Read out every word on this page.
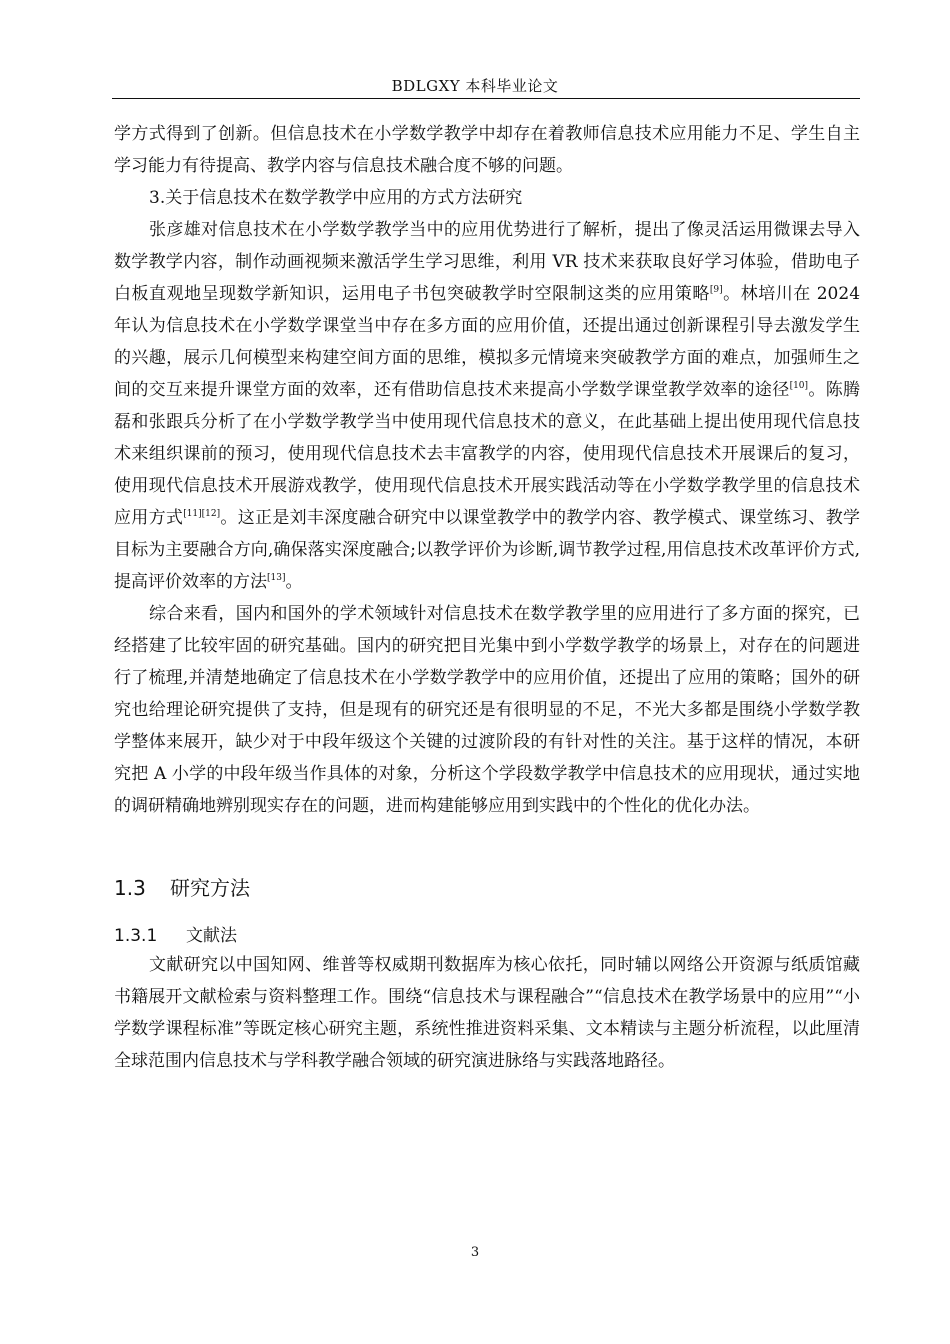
BDLGXY 本科毕业论文

学方式得到了创新。但信息技术在小学数学教学中却存在着教师信息技术应用能力不足、学生自主学习能力有待提高、教学内容与信息技术融合度不够的问题。

3.关于信息技术在数学教学中应用的方式方法研究

张彦雄对信息技术在小学数学教学当中的应用优势进行了解析，提出了像灵活运用微课去导入数学教学内容，制作动画视频来激活学生学习思维，利用 VR 技术来获取良好学习体验，借助电子白板直观地呈现数学新知识，运用电子书包突破教学时空限制这类的应用策略[9]。林培川在 2024 年认为信息技术在小学数学课堂当中存在多方面的应用价值，还提出通过创新课程引导去激发学生的兴趣，展示几何模型来构建空间方面的思维，模拟多元情境来突破教学方面的难点，加强师生之间的交互来提升课堂方面的效率，还有借助信息技术来提高小学数学课堂教学效率的途径[10]。陈腾磊和张跟兵分析了在小学数学教学当中使用现代信息技术的意义，在此基础上提出使用现代信息技术来组织课前的预习，使用现代信息技术去丰富教学的内容，使用现代信息技术开展课后的复习，使用现代信息技术开展游戏教学，使用现代信息技术开展实践活动等在小学数学教学里的信息技术应用方式[11][12]。这正是刘丰深度融合研究中以课堂教学中的教学内容、教学模式、课堂练习、教学目标为主要融合方向,确保落实深度融合;以教学评价为诊断,调节教学过程,用信息技术改革评价方式,提高评价效率的方法[13]。

综合来看，国内和国外的学术领域针对信息技术在数学教学里的应用进行了多方面的探究，已经搭建了比较牢固的研究基础。国内的研究把目光集中到小学数学教学的场景上，对存在的问题进行了梳理,并清楚地确定了信息技术在小学数学教学中的应用价值，还提出了应用的策略；国外的研究也给理论研究提供了支持，但是现有的研究还是有很明显的不足，不光大多都是围绕小学数学教学整体来展开，缺少对于中段年级这个关键的过渡阶段的有针对性的关注。基于这样的情况，本研究把 A 小学的中段年级当作具体的对象，分析这个学段数学教学中信息技术的应用现状，通过实地的调研精确地辨别现实存在的问题，进而构建能够应用到实践中的个性化的优化办法。

1.3 研究方法
1.3.1 文献法

文献研究以中国知网、维普等权威期刊数据库为核心依托，同时辅以网络公开资源与纸质馆藏书籍展开文献检索与资料整理工作。围绕“信息技术与课程融合”“信息技术在教学场景中的应用”“小学数学课程标准”等既定核心研究主题，系统性推进资料采集、文本精读与主题分析流程，以此厘清全球范围内信息技术与学科教学融合领域的研究演进脉络与实践落地路径。

3
